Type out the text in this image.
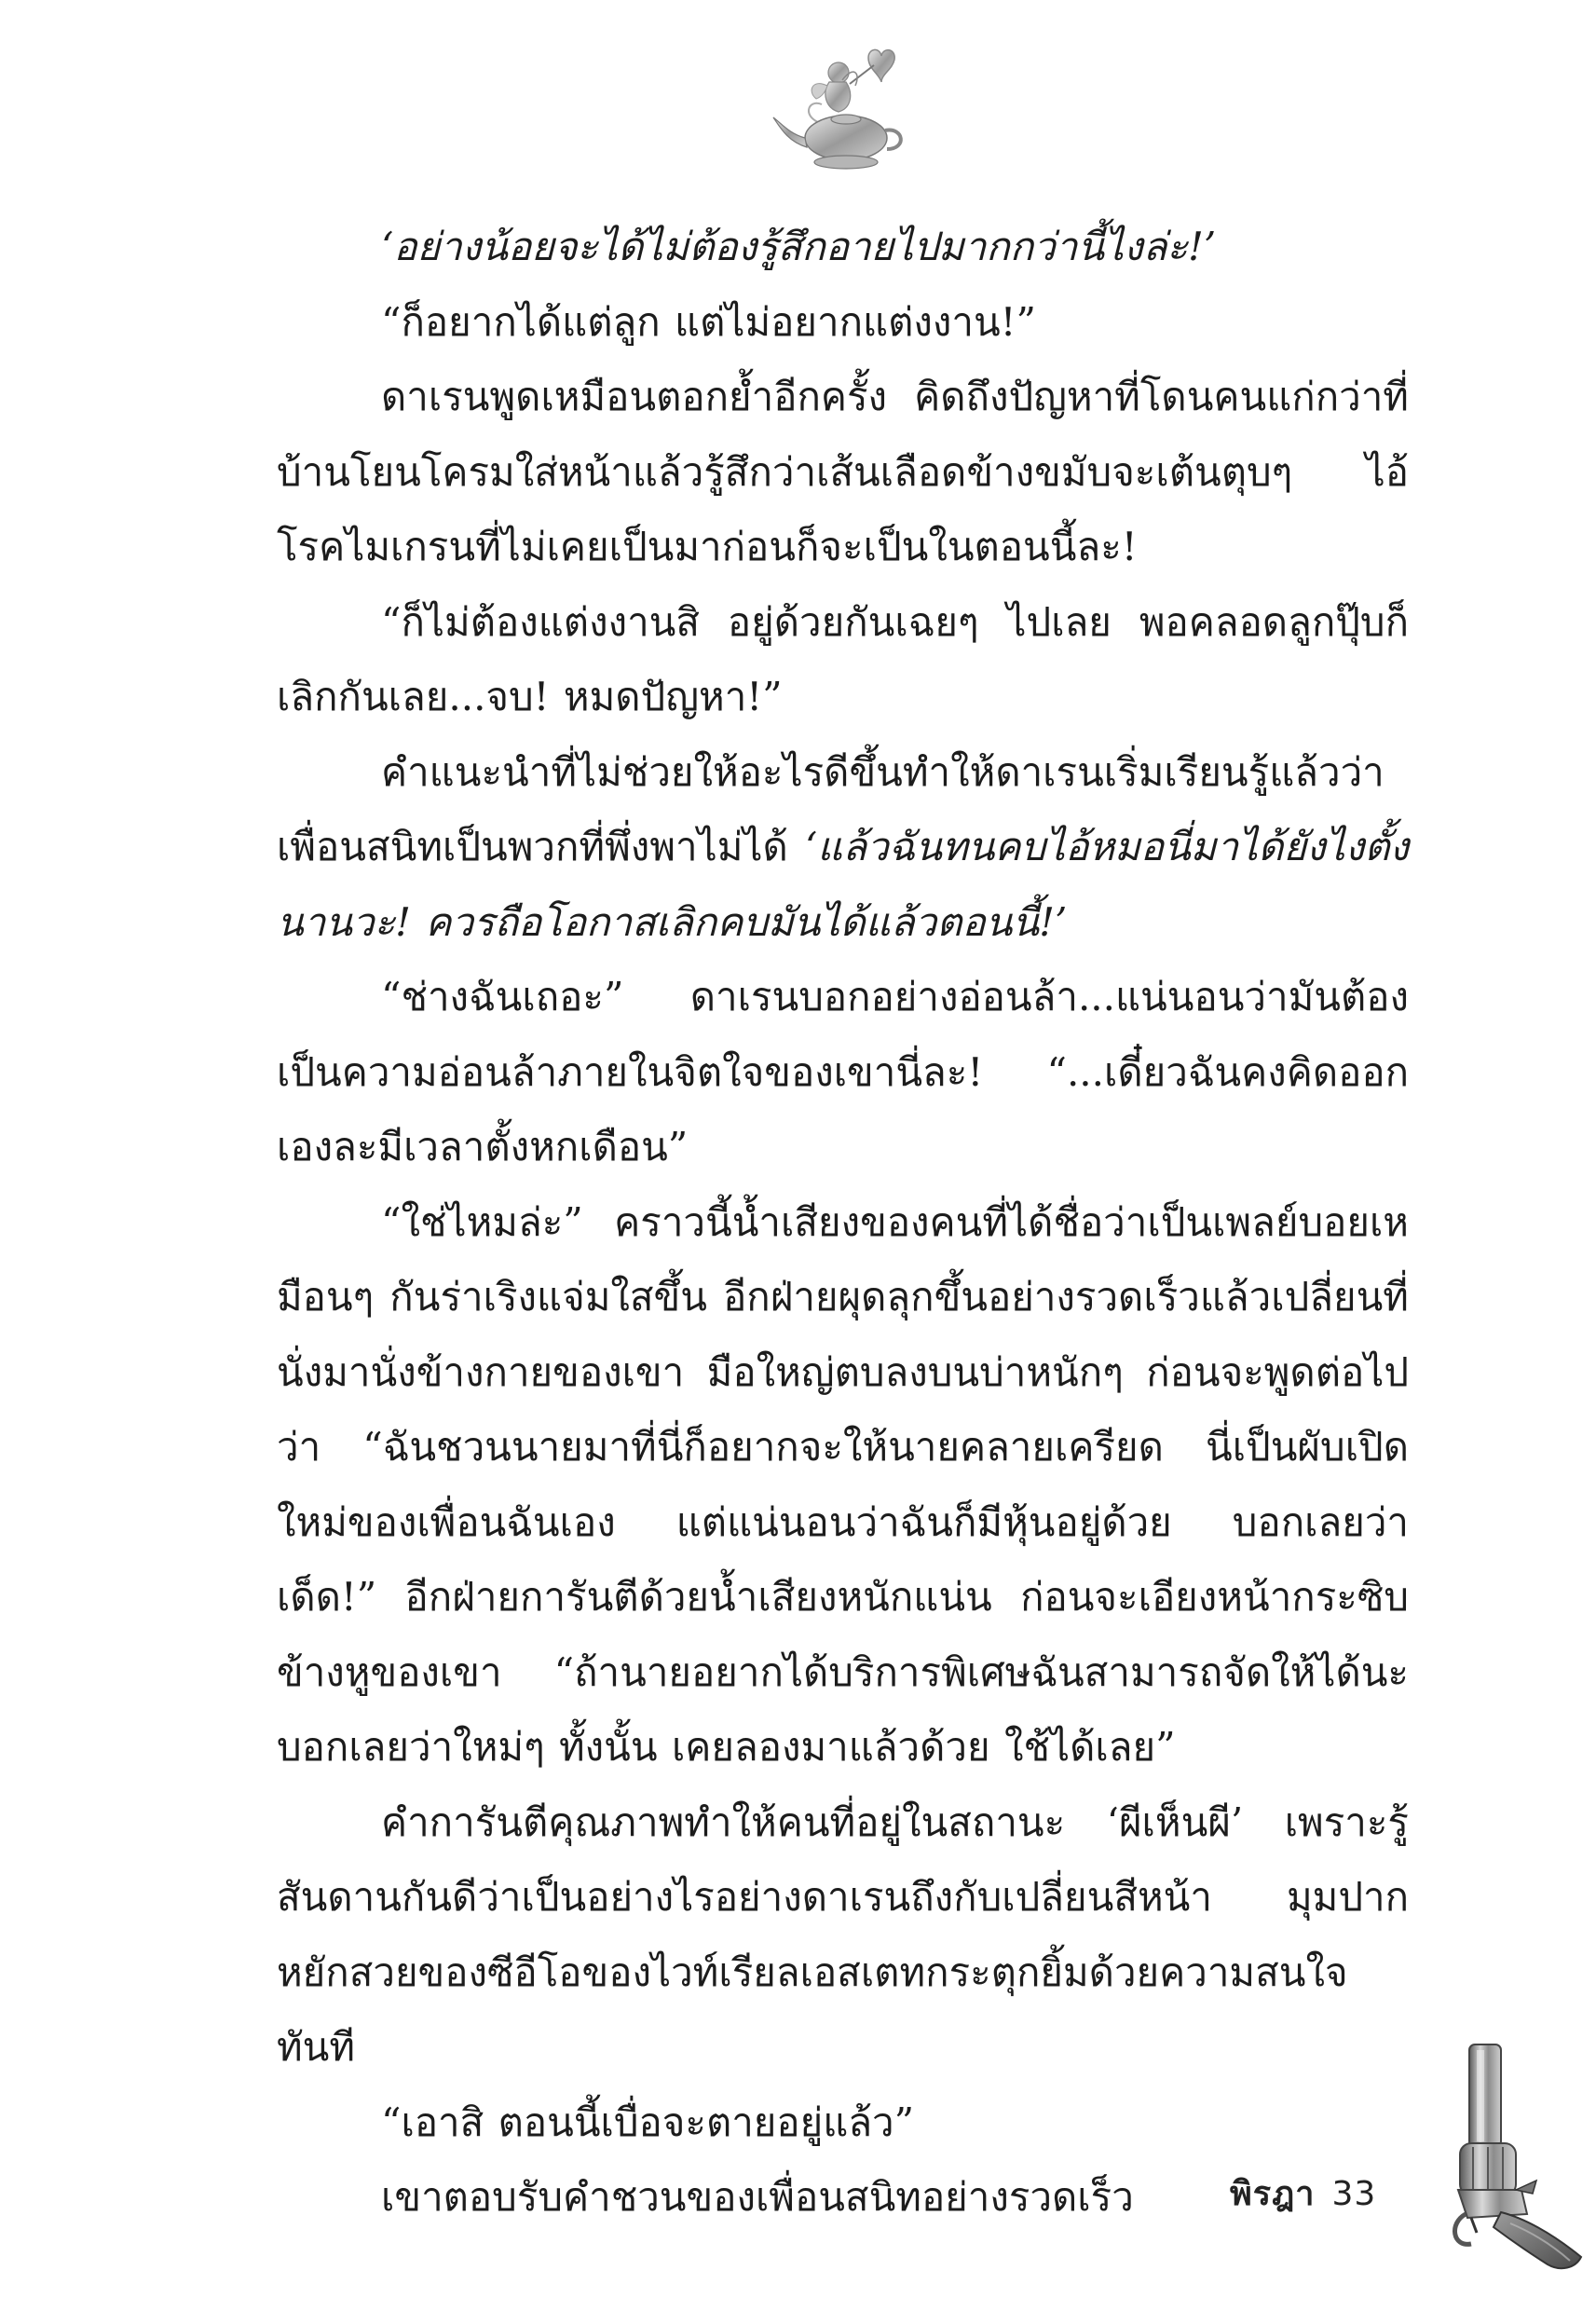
‘อย่างน้อยจะได้ไม่ต้องรู้สึกอายไปมากกว่านี้ไงล่ะ!’

“ก็อยากได้แต่ลูก แต่ไม่อยากแต่งงาน!”

ดาเรนพูดเหมือนตอกย้ำอีกครั้ง คิดถึงปัญหาที่โดนคนแก่กว่าที่บ้านโยนโครมใส่หน้าแล้วรู้สึกว่าเส้นเลือดข้างขมับจะเต้นตุบๆ ไอ้โรคไมเกรนที่ไม่เคยเป็นมาก่อนก็จะเป็นในตอนนี้ละ!

“ก็ไม่ต้องแต่งงานสิ อยู่ด้วยกันเฉยๆ ไปเลย พอคลอดลูกปุ๊บก็เลิกกันเลย...จบ! หมดปัญหา!”

คำแนะนำที่ไม่ช่วยให้อะไรดีขึ้นทำให้ดาเรนเริ่มเรียนรู้แล้วว่าเพื่อนสนิทเป็นพวกที่พึ่งพาไม่ได้ ‘แล้วฉันทนคบไอ้หมอนี่มาได้ยังไงตั้งนานวะ! ควรถือโอกาสเลิกคบมันได้แล้วตอนนี้!’

“ช่างฉันเถอะ” ดาเรนบอกอย่างอ่อนล้า...แน่นอนว่ามันต้องเป็นความอ่อนล้าภายในจิตใจของเขานี่ละ! “...เดี๋ยวฉันคงคิดออกเองละมีเวลาตั้งหกเดือน”

“ใช่ไหมล่ะ” คราวนี้น้ำเสียงของคนที่ได้ชื่อว่าเป็นเพลย์บอยเหมือนๆ กันร่าเริงแจ่มใสขึ้น อีกฝ่ายผุดลุกขึ้นอย่างรวดเร็วแล้วเปลี่ยนที่นั่งมานั่งข้างกายของเขา มือใหญ่ตบลงบนบ่าหนักๆ ก่อนจะพูดต่อไปว่า “ฉันชวนนายมาที่นี่ก็อยากจะให้นายคลายเครียด นี่เป็นผับเปิดใหม่ของเพื่อนฉันเอง แต่แน่นอนว่าฉันก็มีหุ้นอยู่ด้วย บอกเลยว่าเด็ด!” อีกฝ่ายการันตีด้วยน้ำเสียงหนักแน่น ก่อนจะเอียงหน้ากระซิบข้างหูของเขา “ถ้านายอยากได้บริการพิเศษฉันสามารถจัดให้ได้นะ บอกเลยว่าใหม่ๆ ทั้งนั้น เคยลองมาแล้วด้วย ใช้ได้เลย”

คำการันตีคุณภาพทำให้คนที่อยู่ในสถานะ ‘ผีเห็นผี’ เพราะรู้สันดานกันดีว่าเป็นอย่างไรอย่างดาเรนถึงกับเปลี่ยนสีหน้า มุมปากหยักสวยของซีอีโอของไวท์เรียลเอสเตทกระตุกยิ้มด้วยความสนใจทันที

“เอาสิ ตอนนี้เบื่อจะตายอยู่แล้ว”

เขาตอบรับคำชวนของเพื่อนสนิทอย่างรวดเร็ว	พิรฎา 33
